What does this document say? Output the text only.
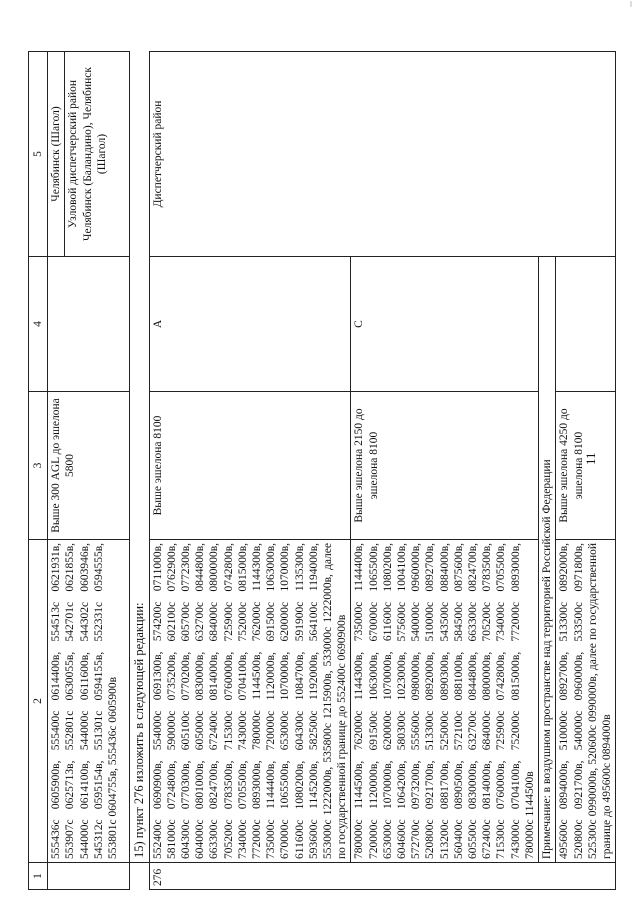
11
1	2	3	4	5
	555436с 0605900в, 555400с 0614400в, 554513с 0621931в, 553907с 0625713в, 552801с 0630055в, 542701с 0621855в, 544000с 0614100в, 544000с 0611600в, 544302с 0603946в, 545312с 0595154в, 551301с 0594155в, 552331с 0594555в, 553801с 0604755в, 555436с 0605900в	Выше 300 AGL до эшелона 5800		Челябинск (Шагол)
				Узловой диспетчерский район Челябинск (Баландино), Челябинск (Шагол)
	15) пункт 276 изложить в следующей редакции:			
276	552400с 0690900в, 554000с 0691300в, 574200с 0711000в, 581000с 0724800в, 590000с 0735200в, 602100с 0762900в, 604300с 0770300в, 605100с 0770200в, 605700с 0772300в, 604000с 0801000в, 605000с 0830000в, 632700с 0844800в, 663300с 0824700в, 672400с 0814000в, 684000с 0800000в, 705200с 0783500в, 715300с 0760000в, 725900с 0742800в, 734000с 0705500в, 743000с 0704100в, 752000с 0815000в, 772000с 0893000в, 780000с 1144500в, 762000с 1144300в, 735000с 1144400в, 720000с 1120000в, 691500с 1063000в, 670000с 1065500в, 653000с 1070000в, 620000с 1070000в, 611600с 1080200в, 604300с 1084700в, 591900с 1135300в, 593600с 1145200в, 582500с 1192000в, 564100с 1194000в, 553000с 1222000в, 535800с 1215900в, 533000с 1222000в, далее по государственной границе до 552400с 0690900в	Выше эшелона 8100	A	Диспетчерский район
	780000с 1144500в, 762000с 1144300в, 735000с 1144400в, 720000с 1120000в, 691500с 1063000в, 670000с 1065500в, 653000с 1070000в, 620000с 1070000в, 611600с 1080200в, 604600с 1064200в, 580300с 1023000в, 575600с 1004100в, 572700с 0973200в, 555600с 0980000в, 540000с 0960000в, 520800с 0921700в, 513300с 0892000в, 510000с 0892700в, 513200с 0881700в, 525000с 0890300в, 543500с 0884000в, 560400с 0890500в, 572100с 0881000в, 584500с 0875600в, 605500с 0830000в, 632700с 0844800в, 663300с 0824700в, 672400с 0814000в, 684000с 0800000в, 705200с 0783500в, 715300с 0760000в, 725900с 0742800в, 734000с 0705500в, 743000с 0704100в, 752000с 0815000в, 772000с 0893000в, 780000с 1144500в	Выше эшелона 2150 до эшелона 8100	C	
	Примечание: в воздушном пространстве над территорией Российской Федерации			
	495600с 0894000в, 510000с 0892700в, 513300с 0892000в, 520800с 0921700в, 540000с 0960000в, 533500с 0971800в, 525300с 0990000в, 520600с 0990000в, далее по государственной границе до 495600с 0894000в	Выше эшелона 4250 до эшелона 8100		
